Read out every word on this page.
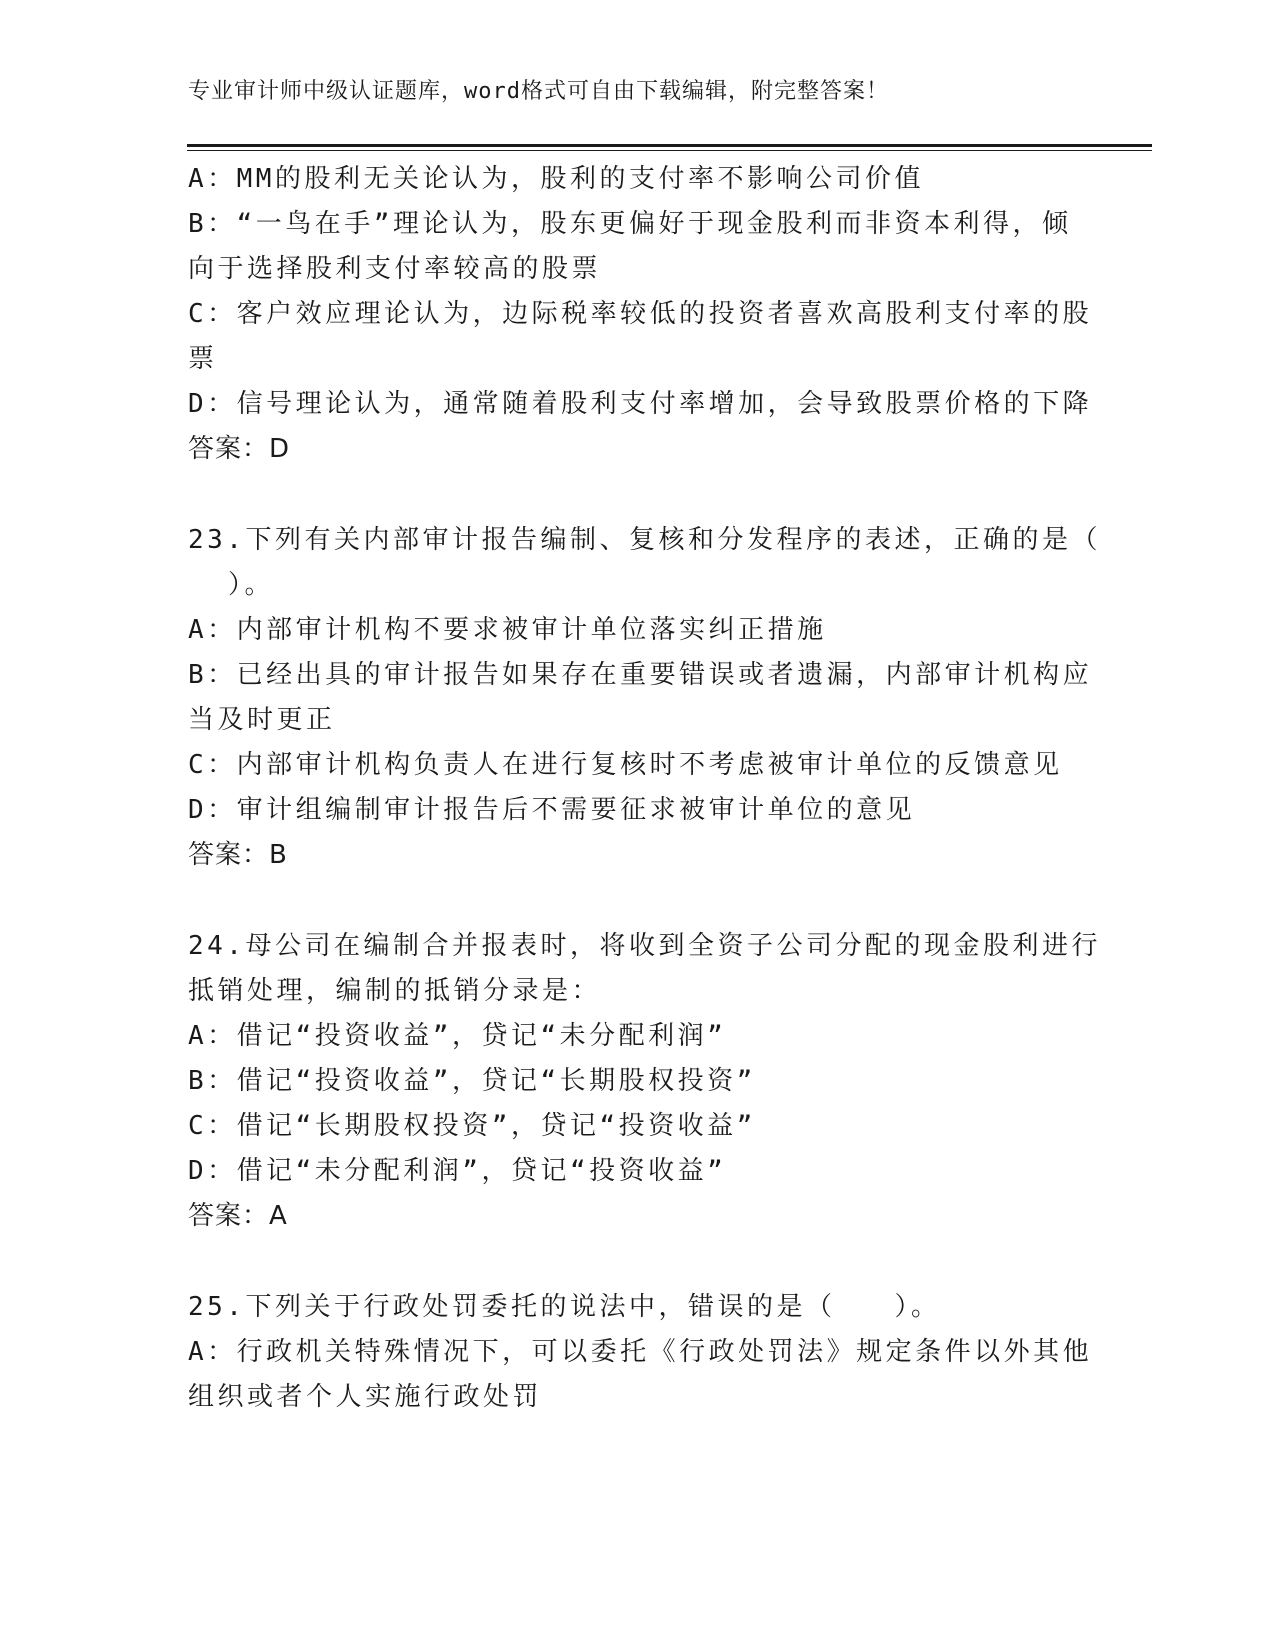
专业审计师中级认证题库，word格式可自由下载编辑，附完整答案！
A：MM的股利无关论认为，股利的支付率不影响公司价值
B：“一鸟在手”理论认为，股东更偏好于现金股利而非资本利得，倾
向于选择股利支付率较高的股票
C：客户效应理论认为，边际税率较低的投资者喜欢高股利支付率的股
票
D：信号理论认为，通常随着股利支付率增加，会导致股票价格的下降
答案：D
23.下列有关内部审计报告编制、复核和分发程序的表述，正确的是（
）。
A：内部审计机构不要求被审计单位落实纠正措施
B：已经出具的审计报告如果存在重要错误或者遗漏，内部审计机构应
当及时更正
C：内部审计机构负责人在进行复核时不考虑被审计单位的反馈意见
D：审计组编制审计报告后不需要征求被审计单位的意见
答案：B
24.母公司在编制合并报表时，将收到全资子公司分配的现金股利进行
抵销处理，编制的抵销分录是：
A：借记“投资收益”，贷记“未分配利润”
B：借记“投资收益”，贷记“长期股权投资”
C：借记“长期股权投资”，贷记“投资收益”
D：借记“未分配利润”，贷记“投资收益”
答案：A
25.下列关于行政处罚委托的说法中，错误的是（　　）。
A：行政机关特殊情况下，可以委托《行政处罚法》规定条件以外其他
组织或者个人实施行政处罚
